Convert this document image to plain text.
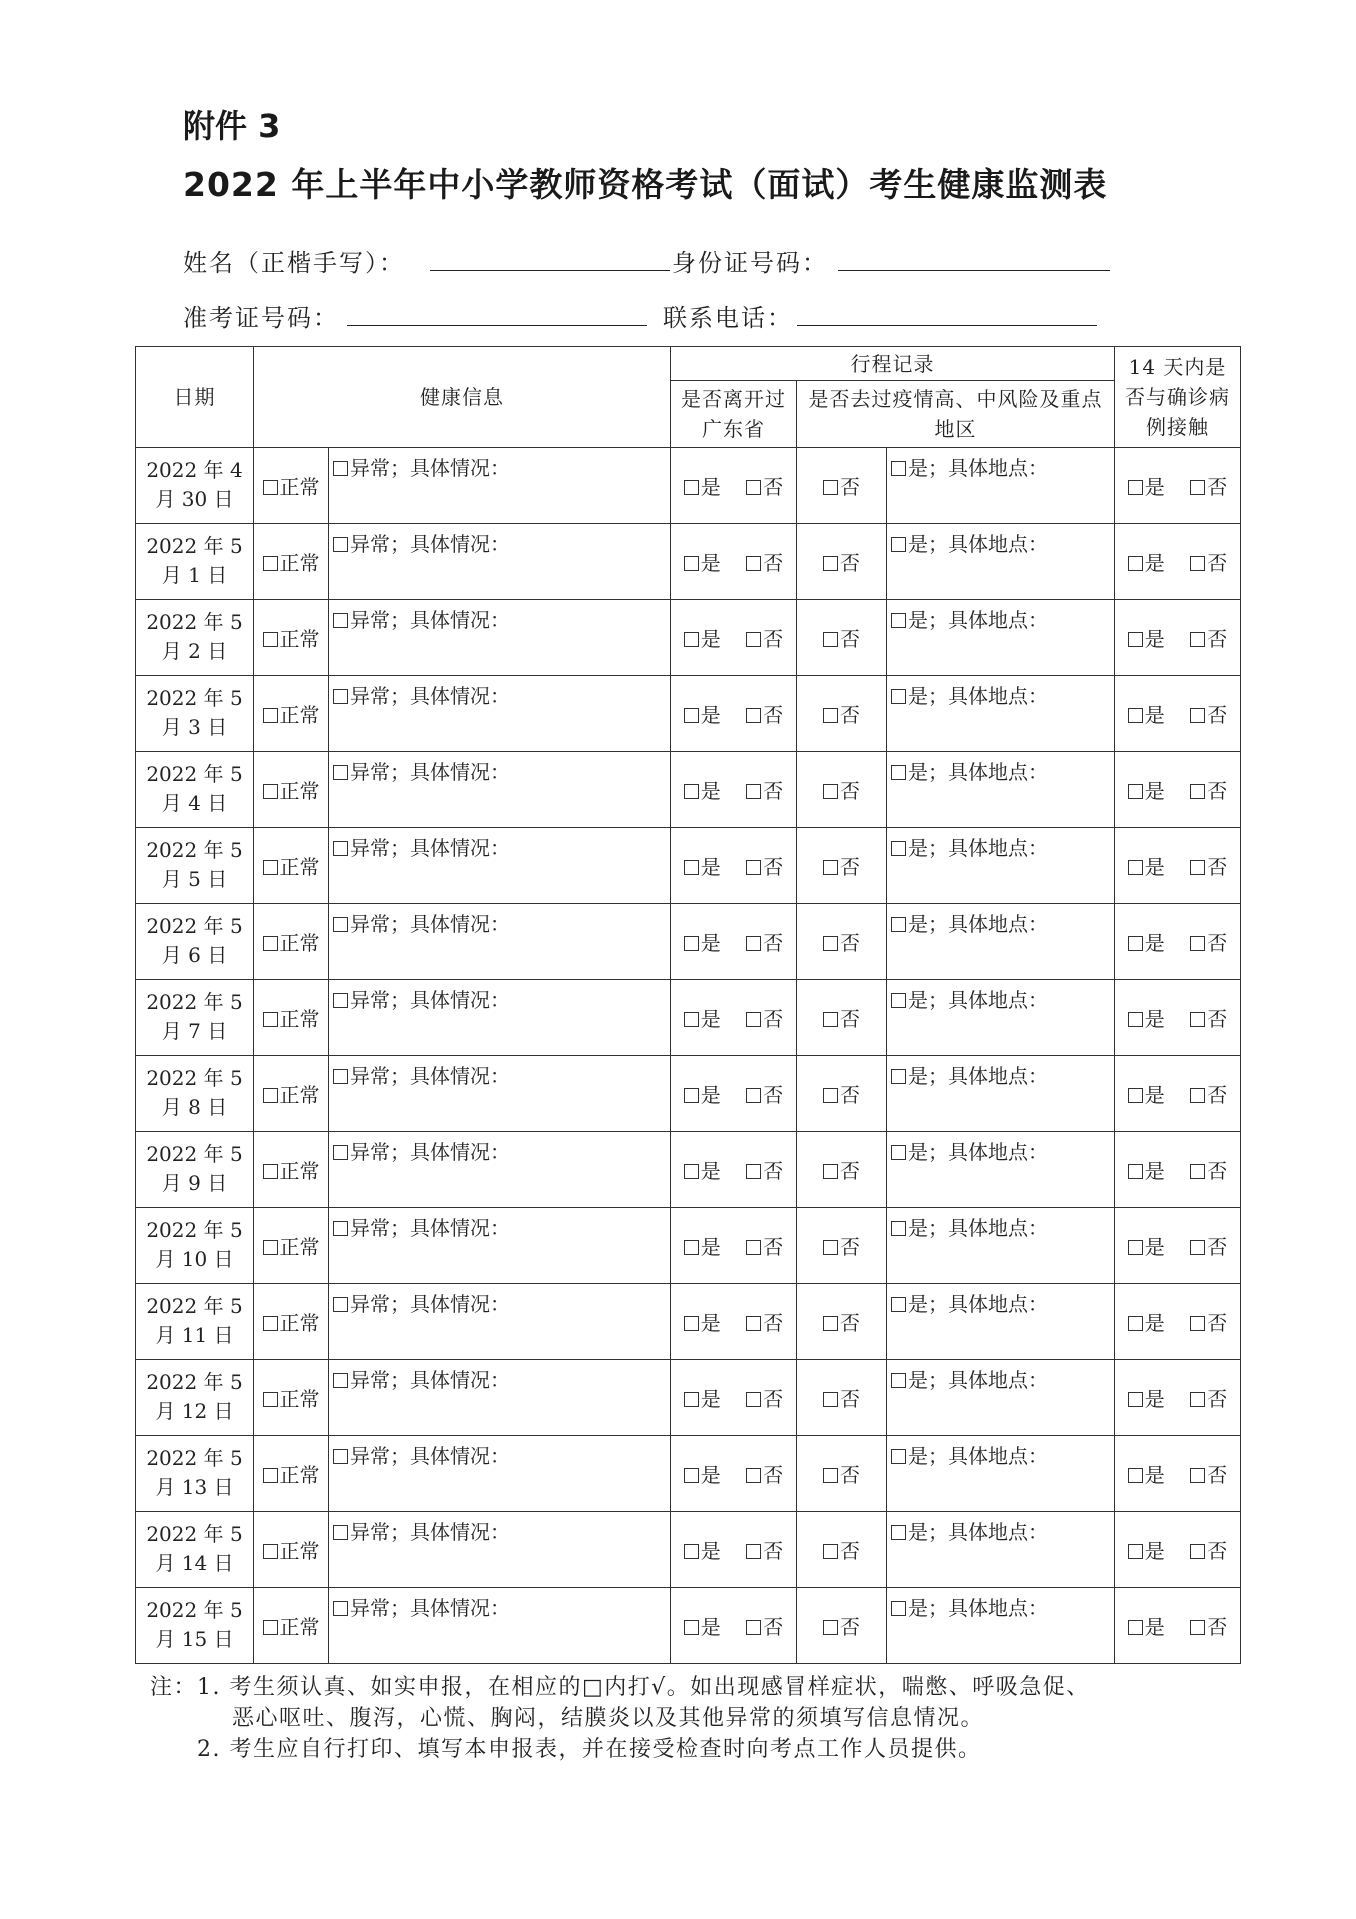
附件 3
2022 年上半年中小学教师资格考试（面试）考生健康监测表
姓名（正楷手写）：	身份证号码：
准考证号码：	联系电话：
日期	健康信息		行程记录			14 天内是否与确诊病例接触
			是否离开过广东省	是否去过疫情高、中风险及重点地区		
2022 年 4 月 30 日	正常	异常；具体情况：	是 否	否	是；具体地点：	是 否

2022 年 5 月 1 日	正常	异常；具体情况：	是 否	否	是；具体地点：	是 否

2022 年 5 月 2 日	正常	异常；具体情况：	是 否	否	是；具体地点：	是 否

2022 年 5 月 3 日	正常	异常；具体情况：	是 否	否	是；具体地点：	是 否

2022 年 5 月 4 日	正常	异常；具体情况：	是 否	否	是；具体地点：	是 否

2022 年 5 月 5 日	正常	异常；具体情况：	是 否	否	是；具体地点：	是 否

2022 年 5 月 6 日	正常	异常；具体情况：	是 否	否	是；具体地点：	是 否

2022 年 5 月 7 日	正常	异常；具体情况：	是 否	否	是；具体地点：	是 否

2022 年 5 月 8 日	正常	异常；具体情况：	是 否	否	是；具体地点：	是 否

2022 年 5 月 9 日	正常	异常；具体情况：	是 否	否	是；具体地点：	是 否

2022 年 5 月 10 日	正常	异常；具体情况：	是 否	否	是；具体地点：	是 否

2022 年 5 月 11 日	正常	异常；具体情况：	是 否	否	是；具体地点：	是 否

2022 年 5 月 12 日	正常	异常；具体情况：	是 否	否	是；具体地点：	是 否

2022 年 5 月 13 日	正常	异常；具体情况：	是 否	否	是；具体地点：	是 否

2022 年 5 月 14 日	正常	异常；具体情况：	是 否	否	是；具体地点：	是 否

2022 年 5 月 15 日	正常	异常；具体情况：	是 否	否	是；具体地点：	是 否
注：1. 考生须认真、如实申报，在相应的□内打√。如出现感冒样症状，喘憋、呼吸急促、
恶心呕吐、腹泻，心慌、胸闷，结膜炎以及其他异常的须填写信息情况。
2. 考生应自行打印、填写本申报表，并在接受检查时向考点工作人员提供。
